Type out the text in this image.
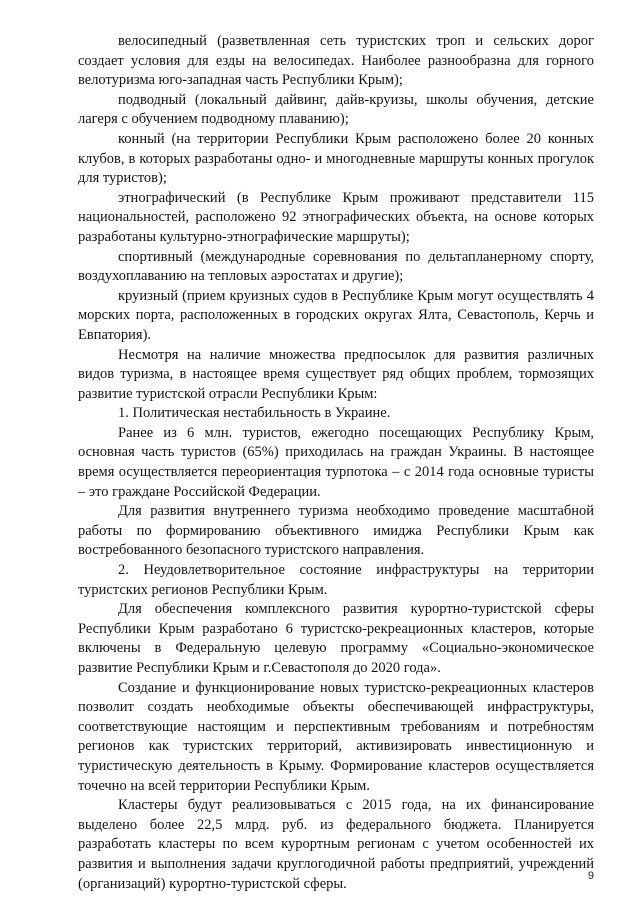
велосипедный (разветвленная сеть туристских троп и сельских дорог создает условия для езды на велосипедах. Наиболее разнообразна для горного велотуризма юго-западная часть Республики Крым);

подводный (локальный дайвинг, дайв-круизы, школы обучения, детские лагеря с обучением подводному плаванию);

конный (на территории Республики Крым расположено более 20 конных клубов, в которых разработаны одно- и многодневные маршруты конных прогулок для туристов);

этнографический (в Республике Крым проживают представители 115 национальностей, расположено 92 этнографических объекта, на основе которых разработаны культурно-этнографические маршруты);

спортивный (международные соревнования по дельтапланерному спорту, воздухоплаванию на тепловых аэростатах и другие);

круизный (прием круизных судов в Республике Крым могут осуществлять 4 морских порта, расположенных в городских округах Ялта, Севастополь, Керчь и Евпатория).

Несмотря на наличие множества предпосылок для развития различных видов туризма, в настоящее время существует ряд общих проблем, тормозящих развитие туристской отрасли Республики Крым:

1. Политическая нестабильность в Украине.

Ранее из 6 млн. туристов, ежегодно посещающих Республику Крым, основная часть туристов (65%) приходилась на граждан Украины. В настоящее время осуществляется переориентация турпотока – с 2014 года основные туристы – это граждане Российской Федерации.

Для развития внутреннего туризма необходимо проведение масштабной работы по формированию объективного имиджа Республики Крым как востребованного безопасного туристского направления.

2. Неудовлетворительное состояние инфраструктуры на территории туристских регионов Республики Крым.

Для обеспечения комплексного развития курортно-туристской сферы Республики Крым разработано 6 туристско-рекреационных кластеров, которые включены в Федеральную целевую программу «Социально-экономическое развитие Республики Крым и г.Севастополя до 2020 года».

Создание и функционирование новых туристско-рекреационных кластеров позволит создать необходимые объекты обеспечивающей инфраструктуры, соответствующие настоящим и перспективным требованиям и потребностям регионов как туристских территорий, активизировать инвестиционную и туристическую деятельность в Крыму. Формирование кластеров осуществляется точечно на всей территории Республики Крым.

Кластеры будут реализовываться с 2015 года, на их финансирование выделено более 22,5 млрд. руб. из федерального бюджета. Планируется разработать кластеры по всем курортным регионам с учетом особенностей их развития и выполнения задачи круглогодичной работы предприятий, учреждений (организаций) курортно-туристской сферы.	9
